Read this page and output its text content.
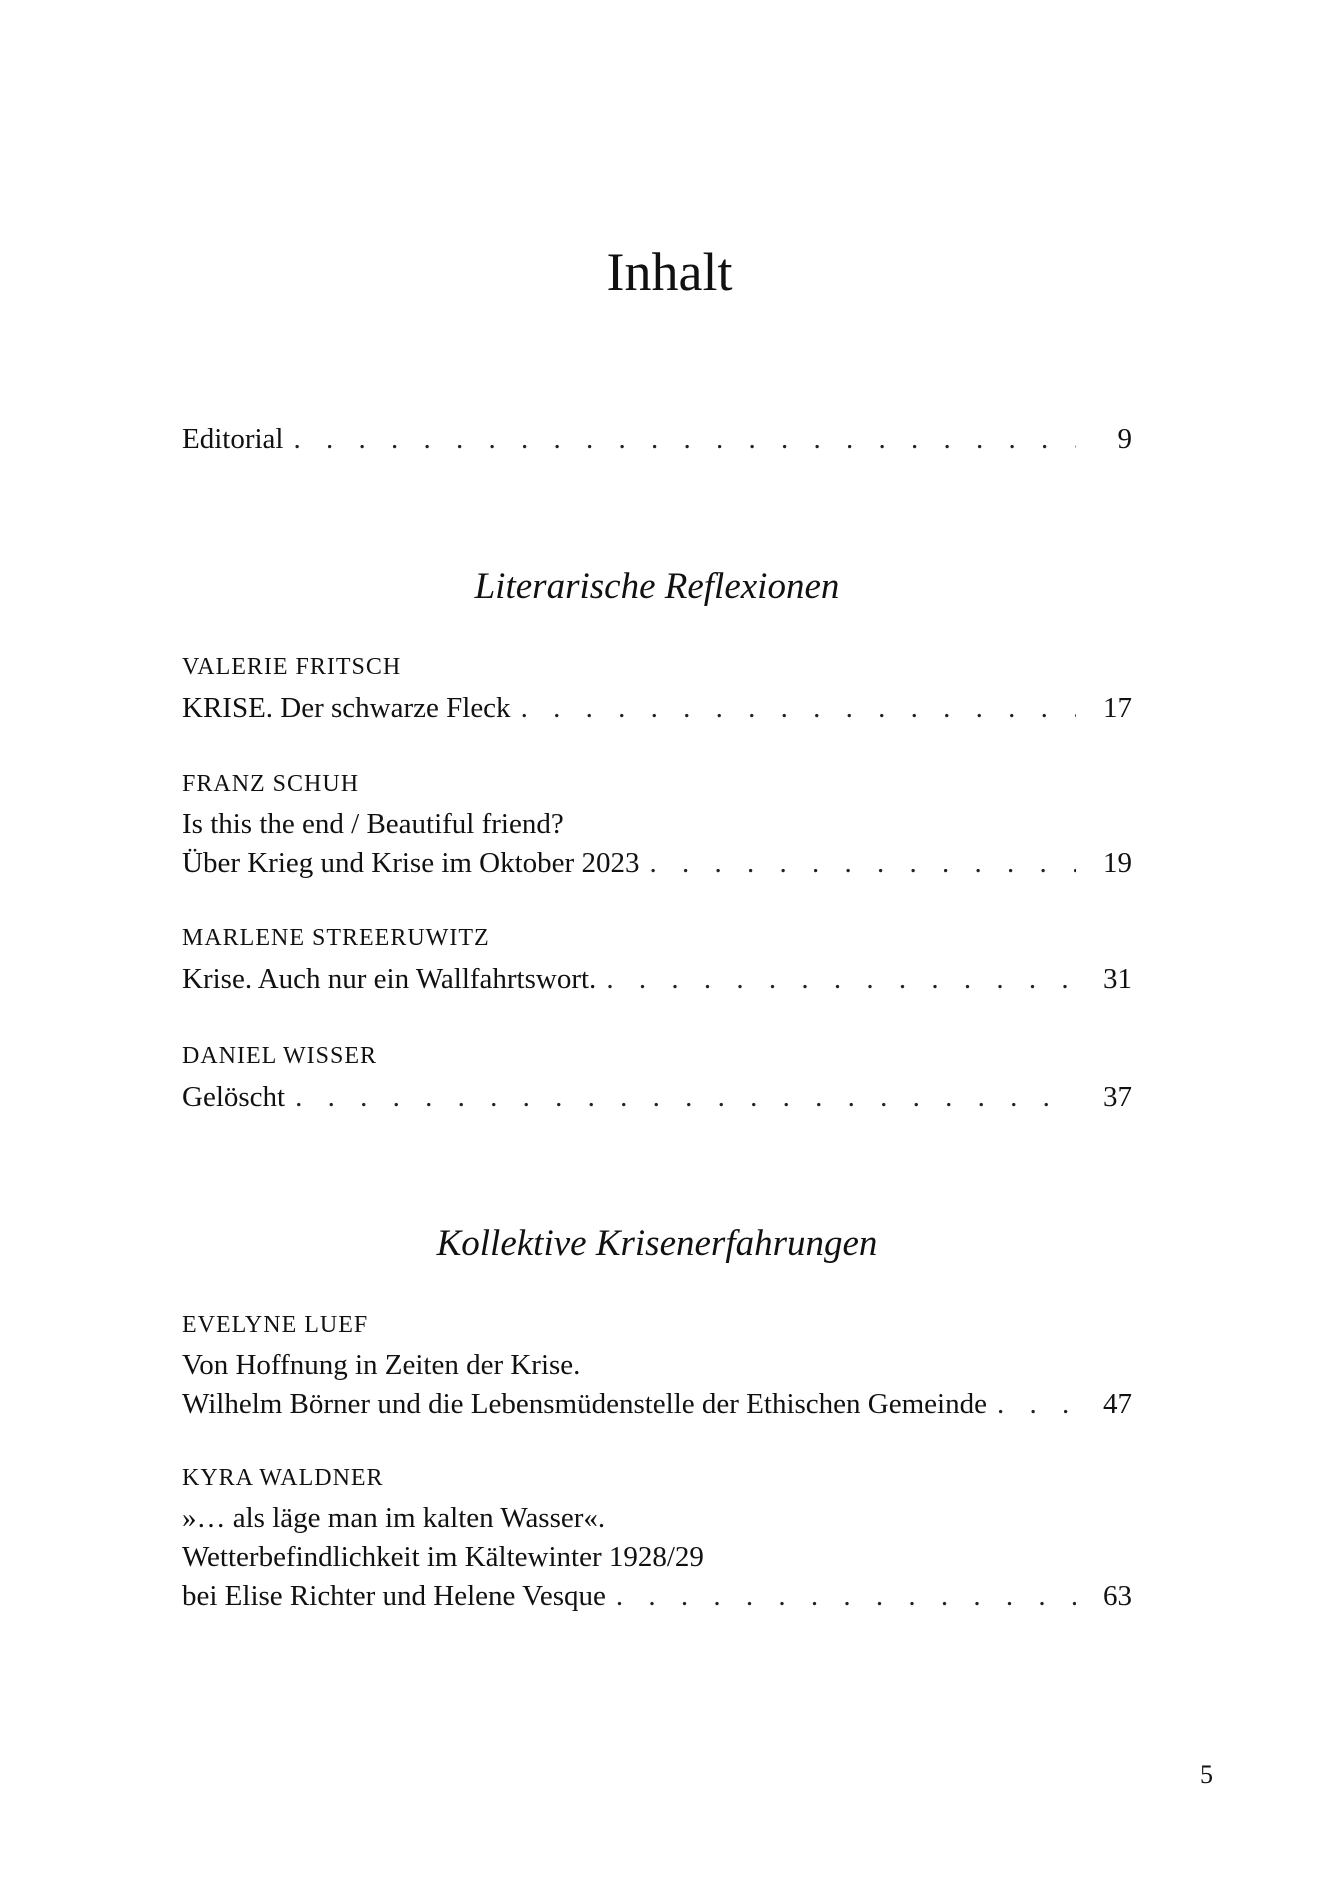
Inhalt
Editorial . . .	9
Literarische Reflexionen
VALERIE FRITSCH
KRISE. Der schwarze Fleck . . .	17
FRANZ SCHUH
Is this the end / Beautiful friend?
Über Krieg und Krise im Oktober 2023 . . .	19
MARLENE STREERUWITZ
Krise. Auch nur ein Wallfahrtswort. . . .	31
DANIEL WISSER
Gelöscht . . .	37
Kollektive Krisenerfahrungen
EVELYNE LUEF
Von Hoffnung in Zeiten der Krise.
Wilhelm Börner und die Lebensmüdenstelle der Ethischen Gemeinde . . .	47
KYRA WALDNER
»… als läge man im kalten Wasser«.
Wetterbefindlichkeit im Kältewinter 1928/29
bei Elise Richter und Helene Vesque . . .	63
5
